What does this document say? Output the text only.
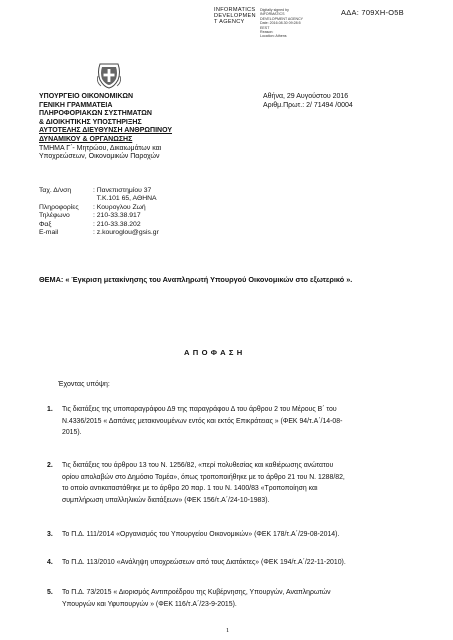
INFORMATICS
DEVELOPMEN
T AGENCY
Digitally signed by
INFORMATICS
DEVELOPMENT AGENCY
Date: 2016.08.30 09:28:5
EEST
Reason:
Location: Athens
ΑΔΑ: 709ΧΗ-Ο5Β
ΥΠΟΥΡΓΕΙΟ ΟΙΚΟΝΟΜΙΚΩΝ
ΓΕΝΙΚΗ ΓΡΑΜΜΑΤΕΙΑ
ΠΛΗΡΟΦΟΡΙΑΚΩΝ ΣΥΣΤΗΜΑΤΩΝ
& ΔΙΟΙΚΗΤΙΚΗΣ ΥΠΟΣΤΗΡΙΞΗΣ
ΑΥΤΟΤΕΛΗΣ ΔΙΕΥΘΥΝΣΗ ΑΝΘΡΩΠΙΝΟΥ
ΔΥΝΑΜΙΚΟΥ & ΟΡΓΑΝΩΣΗΣ
ΤΜΗΜΑ Γ΄- Μητρώου, Δικαιωμάτων και
Υποχρεώσεων, Οικονομικών Παροχών
Αθήνα, 29 Αυγούστου 2016
Αριθμ.Πρωτ.: 2/ 71494 /0004
Ταχ. Δ/νση	: Πανεπιστημίου 37
	Τ.Κ.101 65, ΑΘΗΝΑ
Πληροφορίες	: Κουρογλου Ζωή
Τηλέφωνο	: 210-33.38.917
Φαξ	: 210-33.38.202
E-mail	: z.kouroglou@gsis.gr
ΘΕΜΑ: « Έγκριση μετακίνησης του Αναπληρωτή Υπουργού Οικονομικών στο εξωτερικό ».
Α Π Ο Φ Α Σ Η
Έχοντας υπόψη:
1. Τις διατάξεις της υποπαραγράφου Δ9 της παραγράφου Δ του άρθρου 2 του Μέρους Β΄ του
Ν.4336/2015 « Δαπάνες μετακινουμένων εντός και εκτός Επικράτειας » (ΦΕΚ 94/τ.Α΄/14-08-
2015).
2. Τις διατάξεις του άρθρου 13 του Ν. 1256/82, «περί πολυθεσίας και καθιέρωσης ανώτατου
ορίου απολαβών στο Δημόσιο Τομέα», όπως τροποποιήθηκε με το άρθρο 21 του Ν. 1288/82,
το οποίο αντικαταστάθηκε με το άρθρο 20 παρ. 1 του Ν. 1400/83 «Τροποποίηση και
συμπλήρωση υπαλληλικών διατάξεων» (ΦΕΚ 156/τ.Α΄/24-10-1983).
3. Το Π.Δ. 111/2014 «Οργανισμός του Υπουργείου Οικονομικών» (ΦΕΚ 178/τ.Α΄/29-08-2014).
4. Το Π.Δ. 113/2010 «Ανάληψη υποχρεώσεων από τους Διατάκτες» (ΦΕΚ 194/τ.Α΄/22-11-2010).
5. Το Π.Δ. 73/2015 « Διορισμός Αντιπροέδρου της Κυβέρνησης, Υπουργών, Αναπληρωτών
Υπουργών και Υφυπουργών » (ΦΕΚ 116/τ.Α΄/23-9-2015).
1
